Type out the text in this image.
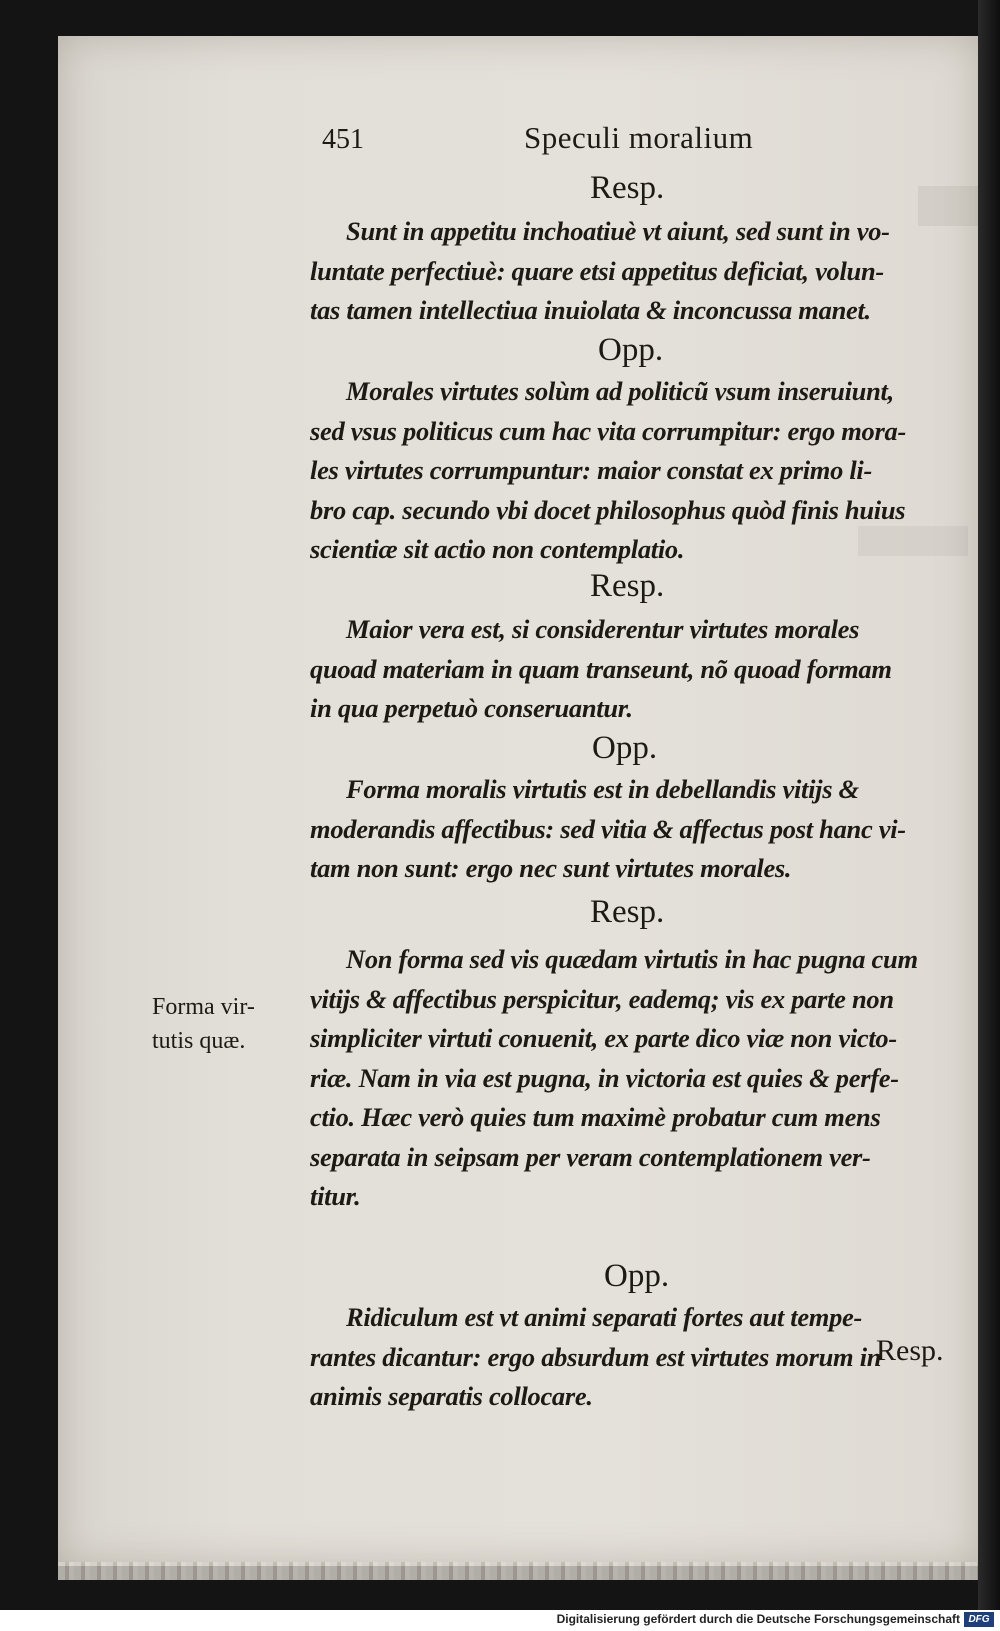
451	Speculi moralium
Resp.
Sunt in appetitu inchoatiuè vt aiunt, sed sunt in vo-
luntate perfectiuè: quare etsi appetitus deficiat, volun-
tas tamen intellectiua inuiolata & inconcussa manet.
Opp.
Morales virtutes solùm ad politicũ vsum inseruiunt,
sed vsus politicus cum hac vita corrumpitur: ergo mora-
les virtutes corrumpuntur: maior constat ex primo li-
bro cap. secundo vbi docet philosophus quòd finis huius
scientiæ sit actio non contemplatio.
Resp.
Maior vera est, si considerentur virtutes morales
quoad materiam in quam transeunt, nõ quoad formam
in qua perpetuò conseruantur.
Opp.
Forma moralis virtutis est in debellandis vitijs &
moderandis affectibus: sed vitia & affectus post hanc vi-
tam non sunt: ergo nec sunt virtutes morales.
Resp.
Non forma sed vis quædam virtutis in hac pugna cum
vitijs & affectibus perspicitur, eademq; vis ex parte non
simpliciter virtuti conuenit, ex parte dico viæ non victo-
riæ. Nam in via est pugna, in victoria est quies & perfe-
ctio. Hæc verò quies tum maximè probatur cum mens
separata in seipsam per veram contemplationem ver-
titur.
Forma vir-
tutis quæ.
Opp.
Ridiculum est vt animi separati fortes aut tempe-
rantes dicantur: ergo absurdum est virtutes morum in
animis separatis collocare.
Resp.
Digitalisierung gefördert durch die Deutsche Forschungsgemeinschaft DFG
